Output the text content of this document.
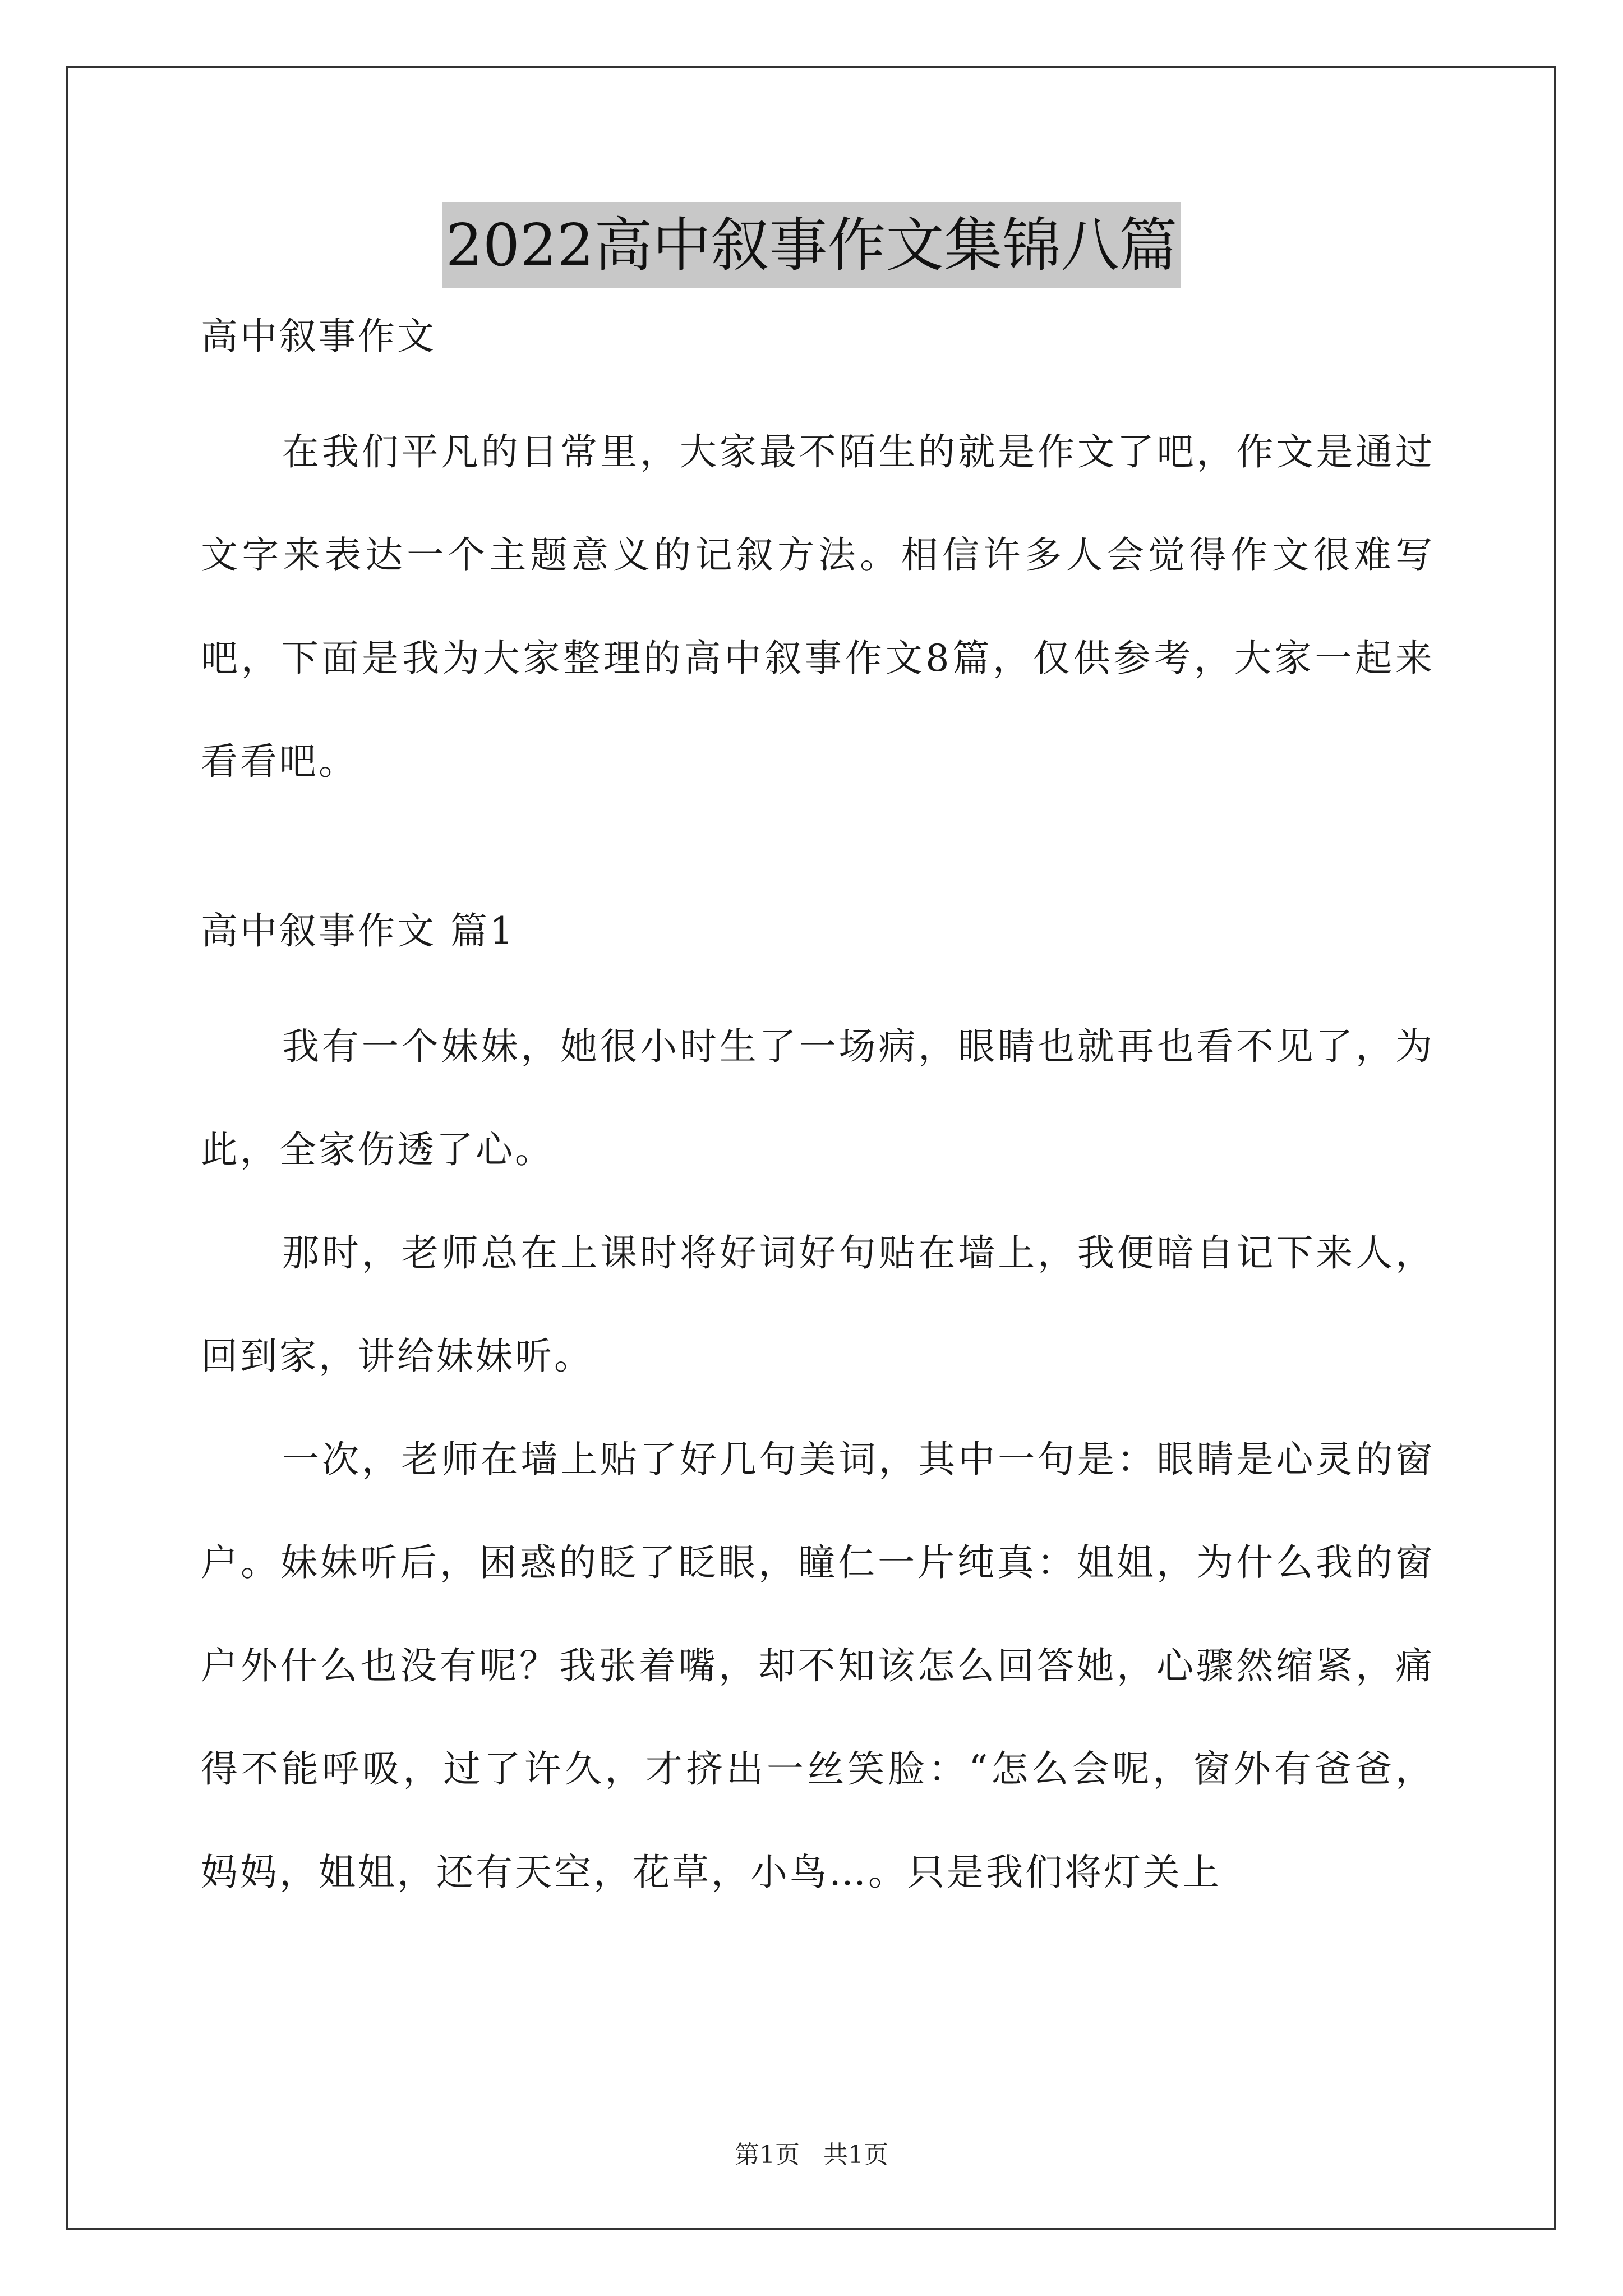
2022高中叙事作文集锦八篇

高中叙事作文

在我们平凡的日常里，大家最不陌生的就是作文了吧，作文是通过文字来表达一个主题意义的记叙方法。相信许多人会觉得作文很难写吧，下面是我为大家整理的高中叙事作文8篇，仅供参考，大家一起来看看吧。

高中叙事作文 篇1

我有一个妹妹，她很小时生了一场病，眼睛也就再也看不见了，为此，全家伤透了心。

那时，老师总在上课时将好词好句贴在墙上，我便暗自记下来人，回到家，讲给妹妹听。

一次，老师在墙上贴了好几句美词，其中一句是：眼睛是心灵的窗户。妹妹听后，困惑的眨了眨眼，瞳仁一片纯真：姐姐，为什么我的窗户外什么也没有呢？我张着嘴，却不知该怎么回答她，心骤然缩紧，痛得不能呼吸，过了许久，才挤出一丝笑脸：“怎么会呢，窗外有爸爸，妈妈，姐姐，还有天空，花草，小鸟…。只是我们将灯关上

第1页 共1页
